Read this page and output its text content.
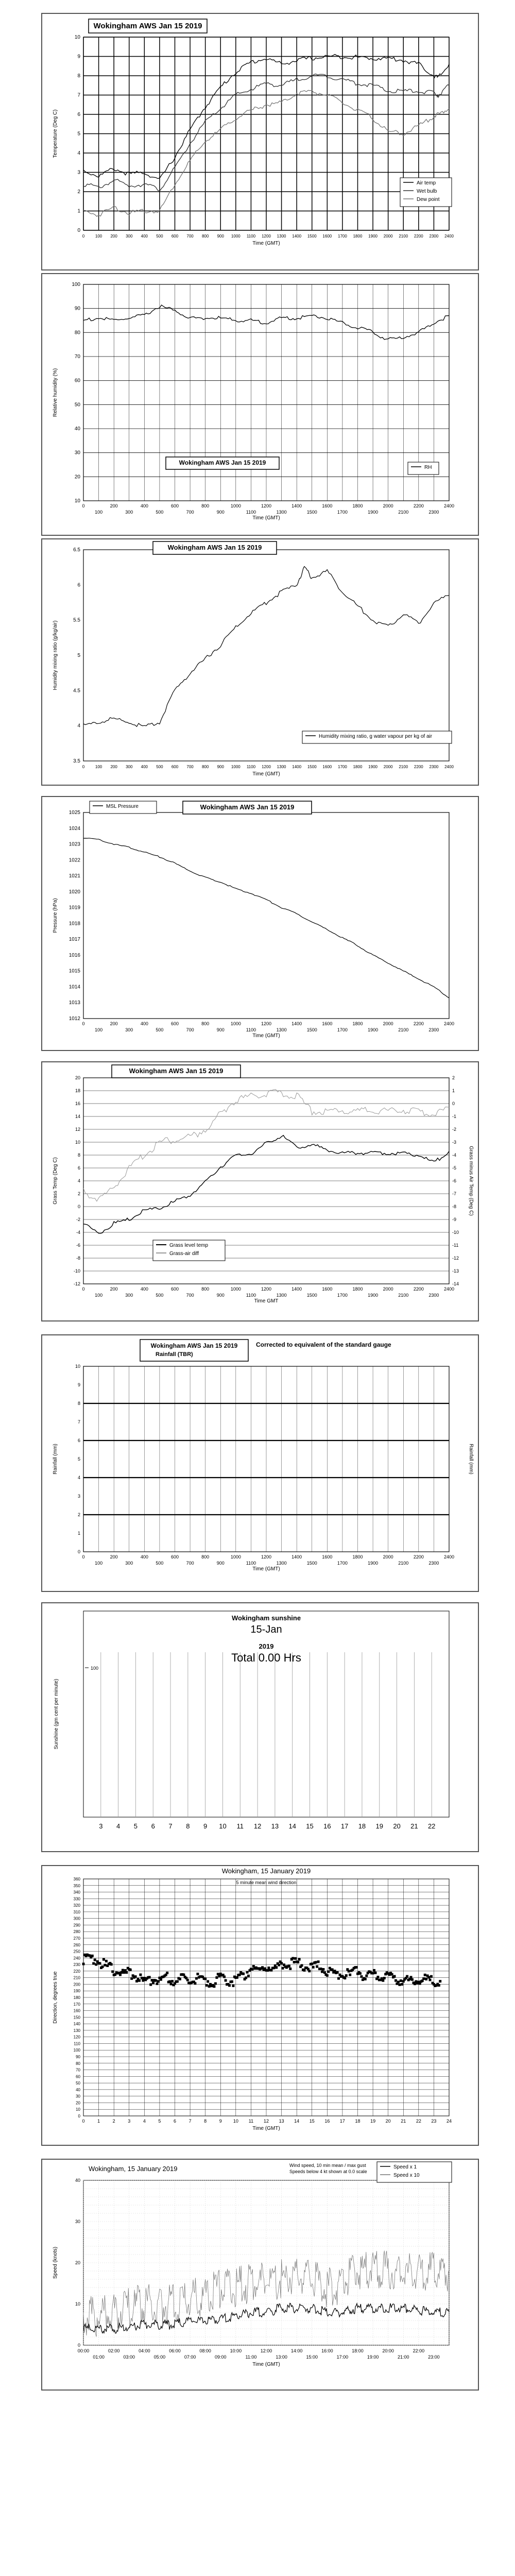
0
1
2
3
4
5
6
7
8
9
10
0	100 200 300 400 500 600 700 800 900 1000 1100 1200 1300 1400 1500 1600 1700 1800 1900 2000 2100 2200 2300 2400
Wokingham AWS Jan 15 2019
Temperature (Deg C)
Time (GMT)
Air temp
Wet bulb
Dew point
10
20
30
40
50
60
70
80
90
100
0	200	400	600	800	1000	1200	1400	1600	1800	2000	2200	2400
100	300	500	700	900	1100	1300	1500	1700	1900	2100	2300
Relative humidity (%)
Time (GMT)
Wokingham AWS Jan 15 2019
RH
3.5
4
4.5
5
5.5
6
6.5
0	100 200 300 400 500 600 700 800 900 1000 1100 1200 1300 1400 1500 1600 1700 1800 1900 2000 2100 2200 2300 2400
Humidity mixing ratio (g/kg/air)
Time (GMT)
Wokingham AWS Jan 15 2019
Humidity mixing ratio, g water vapour per kg of air
1012
1013
1014
1015
1016
1017
1018
1019
1020
1021
1022
1023
1024
1025
0	200	400	600	800	1000	1200	1400	1600	1800	2000	2200	2400
100	300	500	700	900	1100	1300	1500	1700	1900	2100	2300
Pressure (hPa)
Time (GMT)
MSL Pressure	Wokingham AWS Jan 15 2019
-12
-10
-8
-6
-4
-2
0
2
4
6
8
10
12
14
16
18
20
-14
-13
-12
-11
-10
-9
-8
-7
-6
-5
-4
-3
-2
-1
0
1
2
0	200	400	600	800	1000	1200	1400	1600	1800	2000	2200	2400
100	300	500	700	900	1100	1300	1500	1700	1900	2100	2300
Grass Temp (Deg C)	Grass minus Air Temp (Deg C)
Time GMT
Wokingham AWS Jan 15 2019
Grass level temp
Grass-air diff
0
1
2
3
4
5
6
7
8
9
10
0	200	400	600	800	1000	1200	1400	1600	1800	2000	2200	2400
100	300	500	700	900	1100	1300	1500	1700	1900	2100	2300
Rainfall (mm)	Rainfall (mm)
Time (GMT)
Wokingham AWS Jan 15 2019
Rainfall (TBR)
Corrected to equivalent of the standard gauge
3 4 5 6 7 8 9 10 11 12 13 14 15 16 17 18 19 20 21 22
100
Sunshine (gm cent per minute)
Wokingham sunshine
15-Jan
2019
Total 0.00 Hrs
0
10
20
30
40
50
60
70
80
90
100
110
120
130
140
150
160
170
180
190
200
210
220
230
240
250
260
270
280
290
300
310
320
330
340
350
360
0	1	2	3	4	5	6	7	8	9 10 11 12 13 14 15 16 17 18 19 20 21 22 23 24
Direction, degrees true
Time (GMT)
Wokingham, 15 January 2019
5 minute mean wind direction
0
10
20
30
40
00:00	02:00	04:00	06:00	08:00	10:00	12:00	14:00	16:00	18:00	20:00	22:00
01:00	03:00	05:00	07:00	09:00	11:00	13:00	15:00	17:00	19:00	21:00	23:00
Speed (knots)
Time (GMT)
Wokingham, 15 January 2019	Wind speed, 10 min mean / max gust
Speeds below 4 kt shown at 0.0 scale
Speed x 1
Speed x 10
